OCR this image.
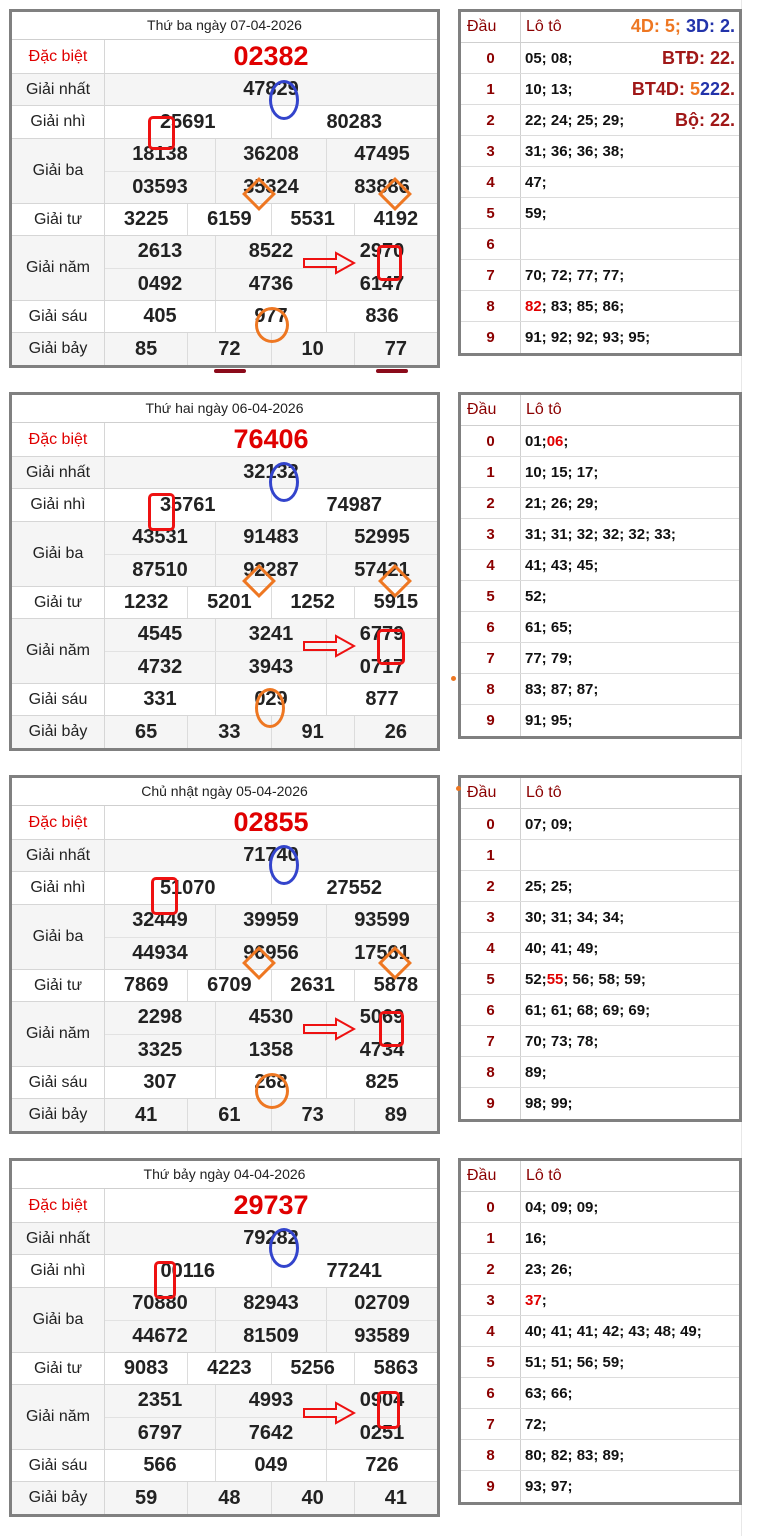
Thứ ba ngày 07-04-2026
Đặc biệt	02382
Giải nhất	47829
Giải nhì	25691	80283
Giải ba
18138	36208	47495
03593	35324	83886
Giải tư	3225	6159	5531	4192
Giải năm
2613	8522	2970
0492	4736	6147
Giải sáu	405	977	836
Giải bảy	85	72	10	77
Đầu	Lô tô	4D: 5; 3D: 2.
0	05; 08;	BTĐ: 22.
1	10; 13;	BT4D: 5222.
2	22; 24; 25; 29;	Bộ: 22.
3	31; 36; 36; 38;
4	47;
5	59;
6
7	70; 72; 77; 77;
8	82 ; 83; 85; 86;
9	91; 92; 92; 93; 95;
Thứ hai ngày 06-04-2026
Đặc biệt	76406
Giải nhất	32132
Giải nhì	35761	74987
Giải ba
43531	91483	52995
87510	92287	57421
Giải tư	1232	5201	1252	5915
Giải năm
4545	3241	6779
4732	3943	0717
Giải sáu	331	029	877
Giải bảy	65	33	91	26
Đầu	Lô tô
0	01; 06 ;
1	10; 15; 17;
2	21; 26; 29;
3	31; 31; 32; 32; 32; 33;
4	41; 43; 45;
5	52;
6	61; 65;
7	77; 79;
8	83; 87; 87;
9	91; 95;
Chủ nhật ngày 05-04-2026
Đặc biệt	02855
Giải nhất	71740
Giải nhì	51070	27552
Giải ba
32449	39959	93599
44934	96956	17561
Giải tư	7869	6709	2631	5878
Giải năm
2298	4530	5069
3325	1358	4734
Giải sáu	307	268	825
Giải bảy	41	61	73	89
Đầu	Lô tô
0	07; 09;
1
2	25; 25;
3	30; 31; 34; 34;
4	40; 41; 49;
5	52; 55 ; 56; 58; 59;
6	61; 61; 68; 69; 69;
7	70; 73; 78;
8	89;
9	98; 99;
Thứ bảy ngày 04-04-2026
Đặc biệt	29737
Giải nhất	79282
Giải nhì	00116	77241
Giải ba
70880	82943	02709
44672	81509	93589
Giải tư	9083	4223	5256	5863
Giải năm
2351	4993	0904
6797	7642	0251
Giải sáu	566	049	726
Giải bảy	59	48	40	41
Đầu	Lô tô
0	04; 09; 09;
1	16;
2	23; 26;
3	37 ;
4	40; 41; 41; 42; 43; 48; 49;
5	51; 51; 56; 59;
6	63; 66;
7	72;
8	80; 82; 83; 89;
9	93; 97;
